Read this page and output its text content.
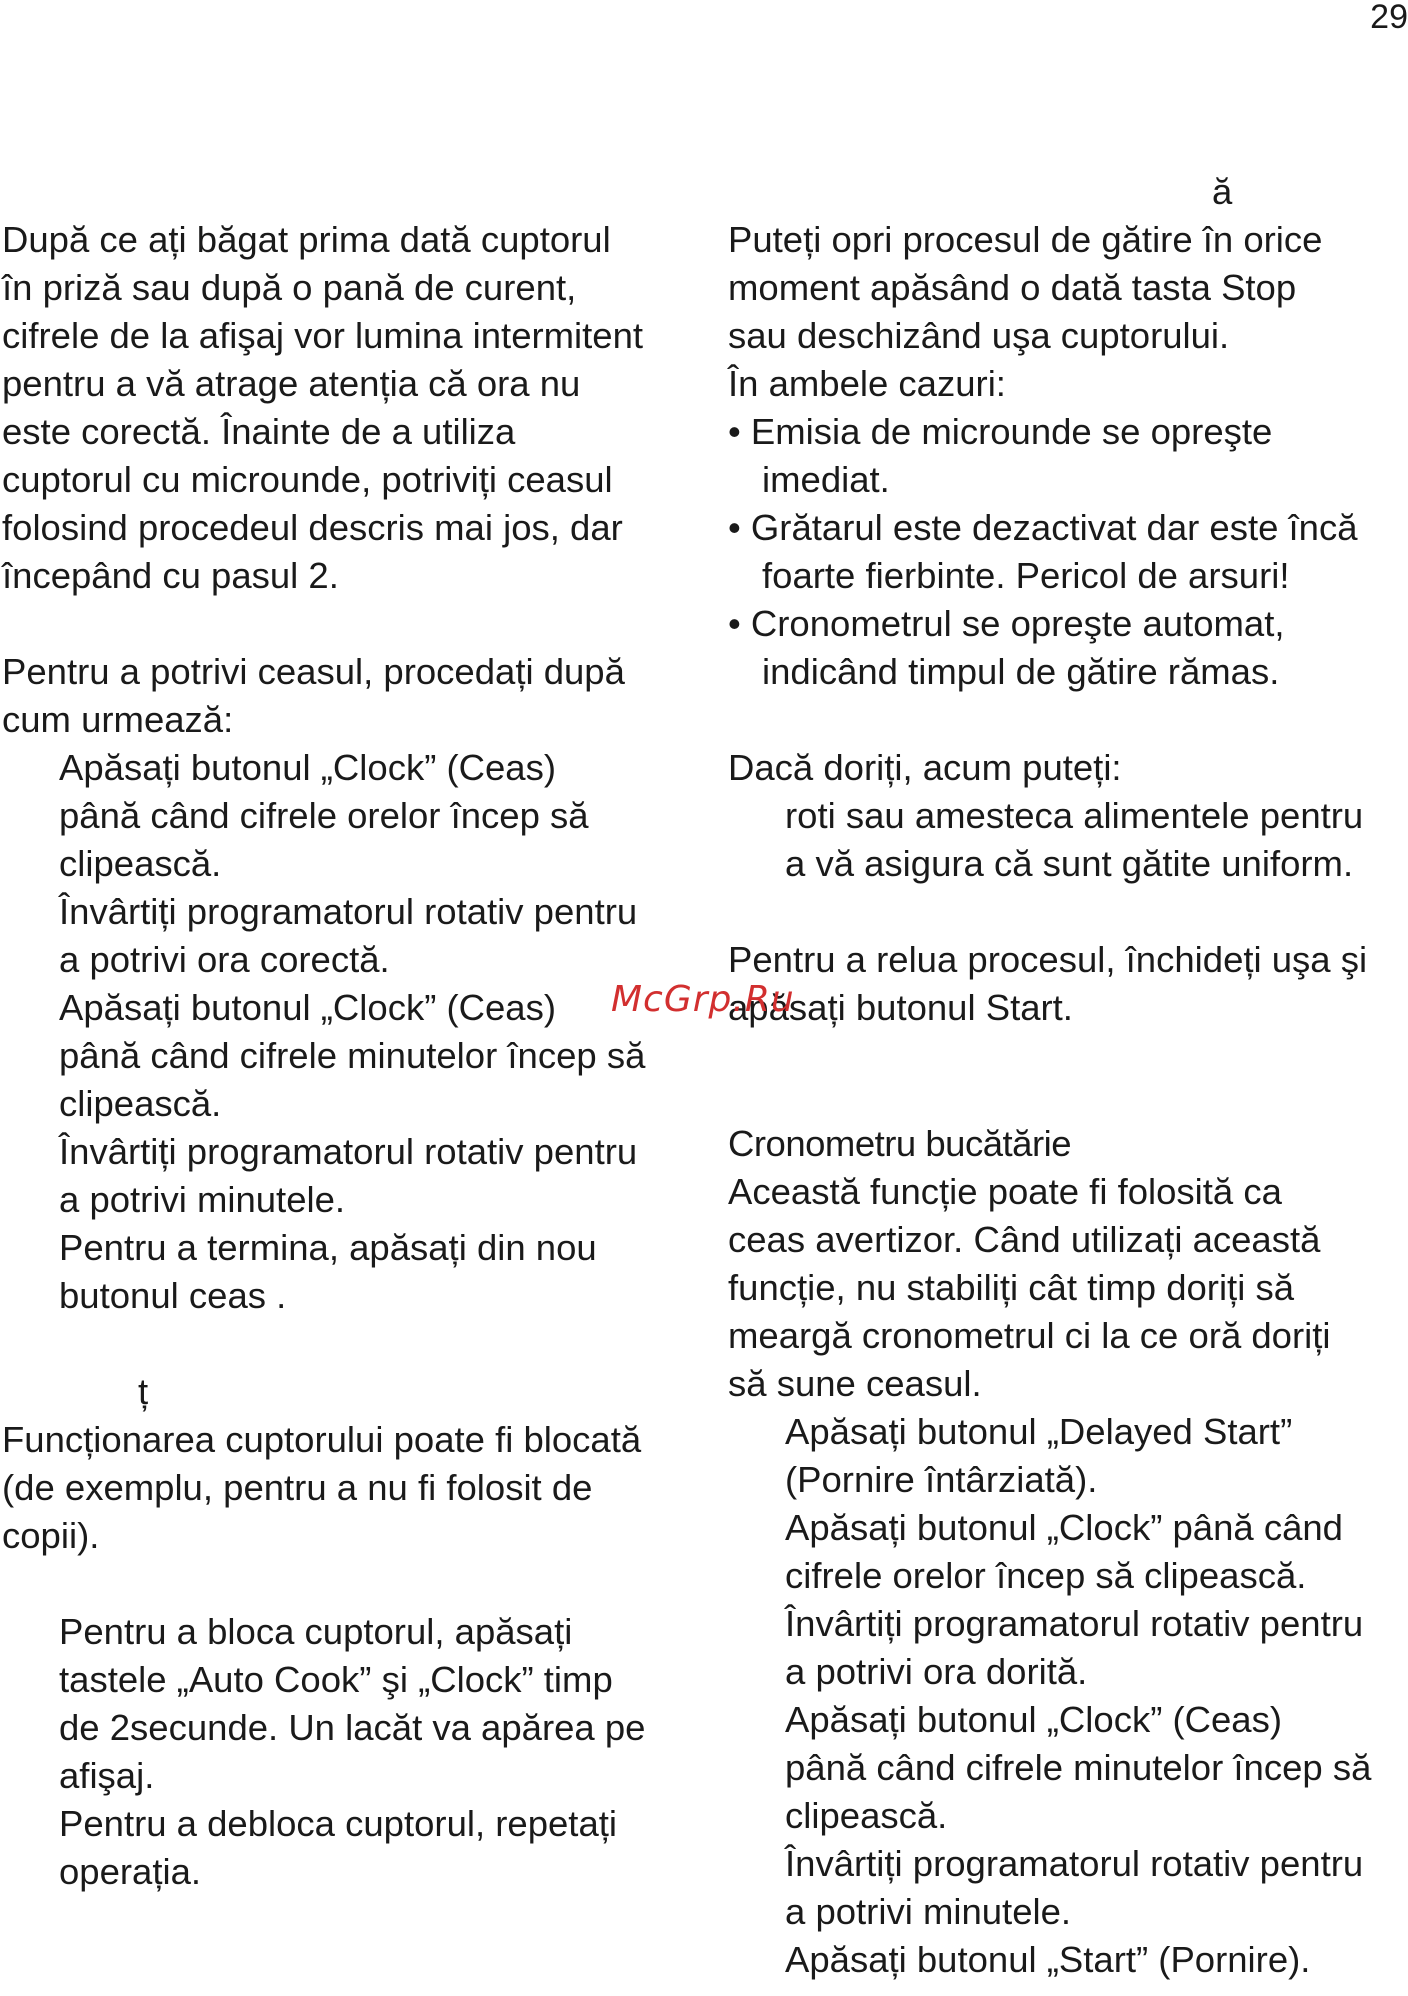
29

După ce ați băgat prima dată cuptorul
în priză sau după o pană de curent,
cifrele de la afişaj vor lumina intermitent
pentru a vă atrage atenția că ora nu
este corectă. Înainte de a utiliza
cuptorul cu microunde, potriviți ceasul
folosind procedeul descris mai jos, dar
începând cu pasul 2.

Pentru a potrivi ceasul, procedați după
cum urmează:

Apăsați butonul „Clock” (Ceas)
până când cifrele orelor încep să
clipească.

Învârtiți programatorul rotativ pentru
a potrivi ora corectă.

Apăsați butonul „Clock” (Ceas)
până când cifrele minutelor încep să
clipească.

Învârtiți programatorul rotativ pentru
a potrivi minutele.

Pentru a termina, apăsați din nou
butonul ceas .

ț

Funcționarea cuptorului poate fi blocată
(de exemplu, pentru a nu fi folosit de
copii).

Pentru a bloca cuptorul, apăsați
tastele „Auto Cook” şi „Clock” timp
de 2secunde. Un lacăt va apărea pe
afişaj.

Pentru a debloca cuptorul, repetați
operația.

ă

Puteți opri procesul de gătire în orice
moment apăsând o dată tasta Stop
sau deschizând uşa cuptorului.
În ambele cazuri:

• Emisia de microunde se opreşte
imediat.

• Grătarul este dezactivat dar este încă
foarte fierbinte. Pericol de arsuri!

• Cronometrul se opreşte automat,
indicând timpul de gătire rămas.

Dacă doriți, acum puteți:

roti sau amesteca alimentele pentru
a vă asigura că sunt gătite uniform.

Pentru a relua procesul, închideți uşa şi
apăsați butonul Start.

Cronometru bucătărie

Această funcție poate fi folosită ca
ceas avertizor. Când utilizați această
funcție, nu stabiliți cât timp doriți să
meargă cronometrul ci la ce oră doriți
să sune ceasul.

Apăsați butonul „Delayed Start”
(Pornire întârziată).

Apăsați butonul „Clock” până când
cifrele orelor încep să clipească.

Învârtiți programatorul rotativ pentru
a potrivi ora dorită.

Apăsați butonul „Clock” (Ceas)
până când cifrele minutelor încep să
clipească.

Învârtiți programatorul rotativ pentru
a potrivi minutele.

Apăsați butonul „Start” (Pornire).

McGrp.Ru
